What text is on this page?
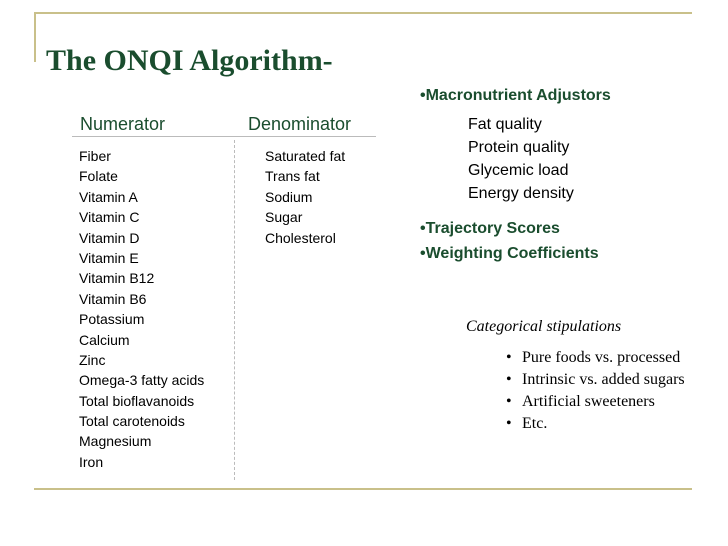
The ONQI Algorithm-
Numerator	Denominator
Fiber
Folate
Vitamin A
Vitamin C
Vitamin D
Vitamin E
Vitamin B12
Vitamin B6
Potassium
Calcium
Zinc
Omega-3 fatty acids
Total bioflavanoids
Total carotenoids
Magnesium
Iron
Saturated fat
Trans fat
Sodium
Sugar
Cholesterol
•Macronutrient Adjustors
Fat quality
Protein quality
Glycemic load
Energy density
•Trajectory Scores
•Weighting Coefficients
Categorical stipulations
• Pure foods vs. processed
• Intrinsic vs. added sugars
• Artificial sweeteners
• Etc.
